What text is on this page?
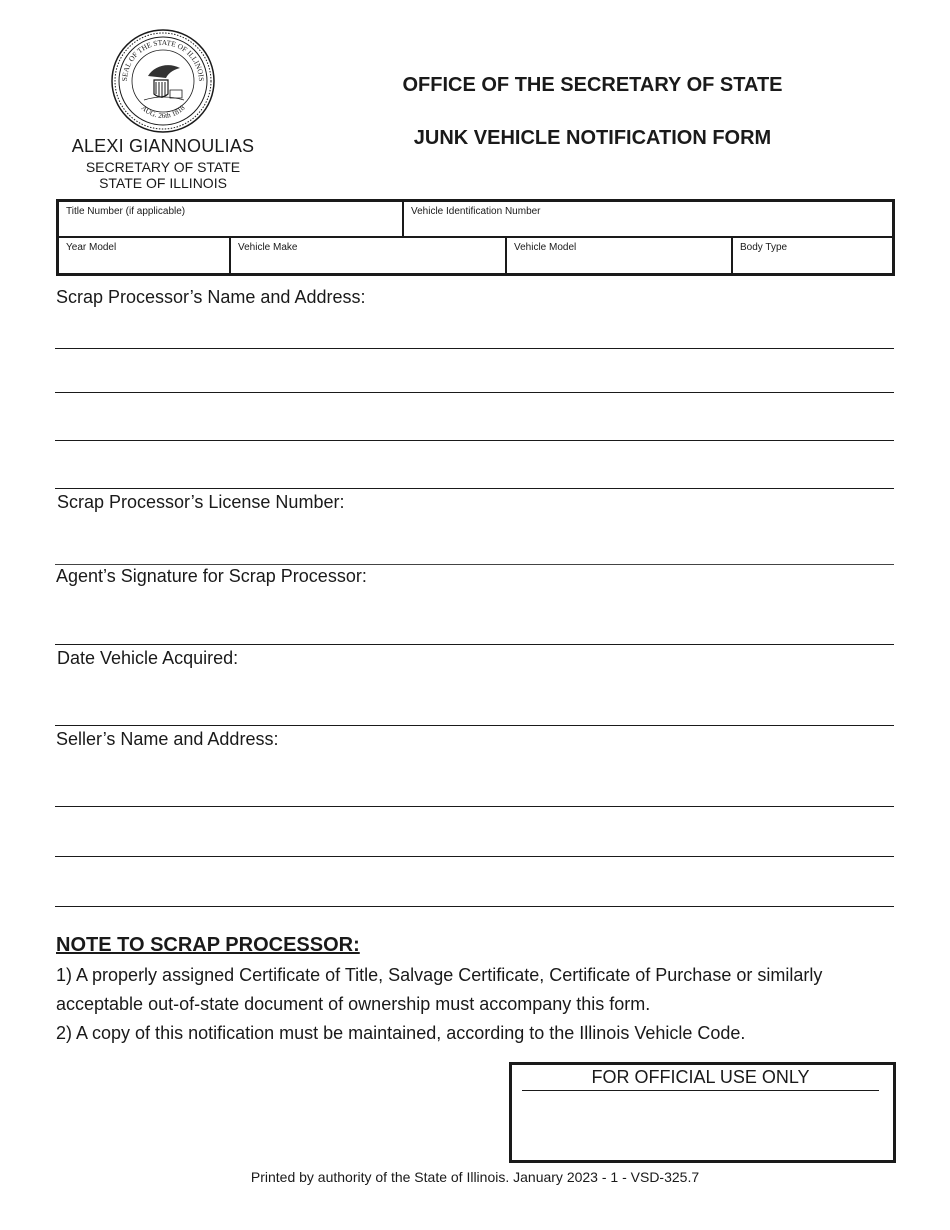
SEAL OF THE STATE OF ILLINOIS
AUG. 26th 1818
ALEXI GIANNOULIAS
SECRETARY OF STATE
STATE OF ILLINOIS
OFFICE OF THE SECRETARY OF STATE
JUNK VEHICLE NOTIFICATION FORM
Title Number (if applicable)	Vehicle Identification Number
Year Model	Vehicle Make	Vehicle Model	Body Type
Scrap Processor’s Name and Address:
Scrap Processor’s License Number:
Agent’s Signature for Scrap Processor:
Date Vehicle Acquired:
Seller’s Name and Address:
NOTE TO SCRAP PROCESSOR:
1) A properly assigned Certificate of Title, Salvage Certificate, Certificate of Purchase or similarly
acceptable out-of-state document of ownership must accompany this form.
2) A copy of this notification must be maintained, according to the Illinois Vehicle Code.
FOR OFFICIAL USE ONLY
Printed by authority of the State of Illinois. January 2023 - 1 - VSD-325.7
